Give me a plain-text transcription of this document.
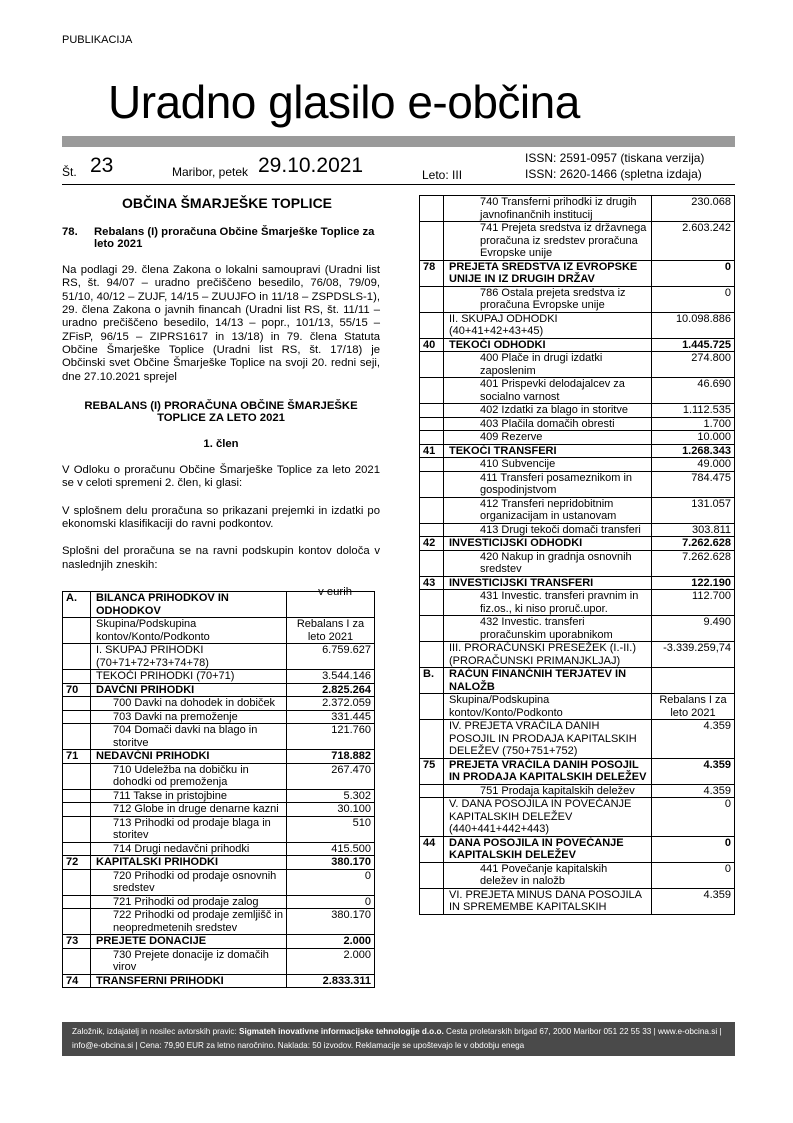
PUBLIKACIJA
Uradno glasilo e-občina
Št. 23	Maribor, petek 29.10.2021	Leto: III
ISSN: 2591-0957 (tiskana verzija)
ISSN: 2620-1466 (spletna izdaja)
OBČINA ŠMARJEŠKE TOPLICE
78.	Rebalans (I) proračuna Občine Šmarješke Toplice za leto 2021
Na podlagi 29. člena Zakona o lokalni samoupravi (Uradni list RS, št. 94/07 – uradno prečiščeno besedilo, 76/08, 79/09, 51/10, 40/12 – ZUJF, 14/15 – ZUUJFO in 11/18 – ZSPDSLS-1), 29. člena Zakona o javnih financah (Uradni list RS, št. 11/11 – uradno prečiščeno besedilo, 14/13 – popr., 101/13, 55/15 – ZFisP, 96/15 – ZIPRS1617 in 13/18) in 79. člena Statuta Občine Šmarješke Toplice (Uradni list RS, št. 17/18) je Občinski svet Občine Šmarješke Toplice na svoji 20. redni seji, dne 27.10.2021 sprejel
REBALANS (I) PRORAČUNA OBČINE ŠMARJEŠKE TOPLICE ZA LETO 2021
1. člen
V Odloku o proračunu Občine Šmarješke Toplice za leto 2021 se v celoti spremeni 2. člen, ki glasi:
V splošnem delu proračuna so prikazani prejemki in izdatki po ekonomski klasifikaciji do ravni podkontov.
Splošni del proračuna se na ravni podskupin kontov določa v naslednjih zneskih:
v eurih
A.	BILANCA PRIHODKOV IN ODHODKOV	
	Skupina/Podskupina kontov/Konto/Podkonto	Rebalans I za leto 2021
	I. SKUPAJ PRIHODKI (70+71+72+73+74+78)	6.759.627
	TEKOČI PRIHODKI (70+71)	3.544.146
70	DAVČNI PRIHODKI	2.825.264
	700 Davki na dohodek in dobiček	2.372.059
	703 Davki na premoženje	331.445
	704 Domači davki na blago in storitve	121.760
71	NEDAVČNI PRIHODKI	718.882
	710 Udeležba na dobičku in dohodki od premoženja	267.470
	711 Takse in pristojbine	5.302
	712 Globe in druge denarne kazni	30.100
	713 Prihodki od prodaje blaga in storitev	510
	714 Drugi nedavčni prihodki	415.500
72	KAPITALSKI PRIHODKI	380.170
	720 Prihodki od prodaje osnovnih sredstev	0
	721 Prihodki od prodaje zalog	0
	722 Prihodki od prodaje zemljišč in neopredmetenih sredstev	380.170
73	PREJETE DONACIJE	2.000
	730 Prejete donacije iz domačih virov	2.000
74	TRANSFERNI PRIHODKI	2.833.311
	740 Transferni prihodki iz drugih javnofinančnih institucij	230.068
	741 Prejeta sredstva iz državnega proračuna iz sredstev proračuna Evropske unije	2.603.242
78	PREJETA SREDSTVA IZ EVROPSKE UNIJE IN IZ DRUGIH DRŽAV	0
	786 Ostala prejeta sredstva iz proračuna Evropske unije	0
	II. SKUPAJ ODHODKI (40+41+42+43+45)	10.098.886
40	TEKOČI ODHODKI	1.445.725
	400 Plače in drugi izdatki zaposlenim	274.800
	401 Prispevki delodajalcev za socialno varnost	46.690
	402 Izdatki za blago in storitve	1.112.535
	403 Plačila domačih obresti	1.700
	409 Rezerve	10.000
41	TEKOČI TRANSFERI	1.268.343
	410 Subvencije	49.000
	411 Transferi posameznikom in gospodinjstvom	784.475
	412 Transferi nepridobitnim organizacijam in ustanovam	131.057
	413 Drugi tekoči domači transferi	303.811
42	INVESTICIJSKI ODHODKI	7.262.628
	420 Nakup in gradnja osnovnih sredstev	7.262.628
43	INVESTICIJSKI TRANSFERI	122.190
	431 Investic. transferi pravnim in fiz.os., ki niso proruč.upor.	112.700
	432 Investic. transferi proračunskim uporabnikom	9.490
	III. PRORAČUNSKI PRESEŽEK (I.-II.) (PRORAČUNSKI PRIMANJKLJAJ)	-3.339.259,74
B.	RAČUN FINANČNIH TERJATEV IN NALOŽB	
	Skupina/Podskupina kontov/Konto/Podkonto	Rebalans I za leto 2021
	IV. PREJETA VRAČILA DANIH POSOJIL IN PRODAJA KAPITALSKIH DELEŽEV (750+751+752)	4.359
75	PREJETA VRAČILA DANIH POSOJIL IN PRODAJA KAPITALSKIH DELEŽEV	4.359
	751 Prodaja kapitalskih deležev	4.359
	V. DANA POSOJILA IN POVEČANJE KAPITALSKIH DELEŽEV (440+441+442+443)	0
44	DANA POSOJILA IN POVEČANJE KAPITALSKIH DELEŽEV	0
	441 Povečanje kapitalskih deležev in naložb	0
	VI. PREJETA MINUS DANA POSOJILA IN SPREMEMBE KAPITALSKIH	4.359
Založnik, izdajatelj in nosilec avtorskih pravic: Sigmateh inovativne informacijske tehnologije d.o.o. Cesta proletarskih brigad 67, 2000 Maribor 051 22 55 33 | www.e-obcina.si | info@e-obcina.si | Cena: 79,90 EUR za letno naročnino. Naklada: 50 izvodov. Reklamacije se upoštevajo le v obdobju enega
